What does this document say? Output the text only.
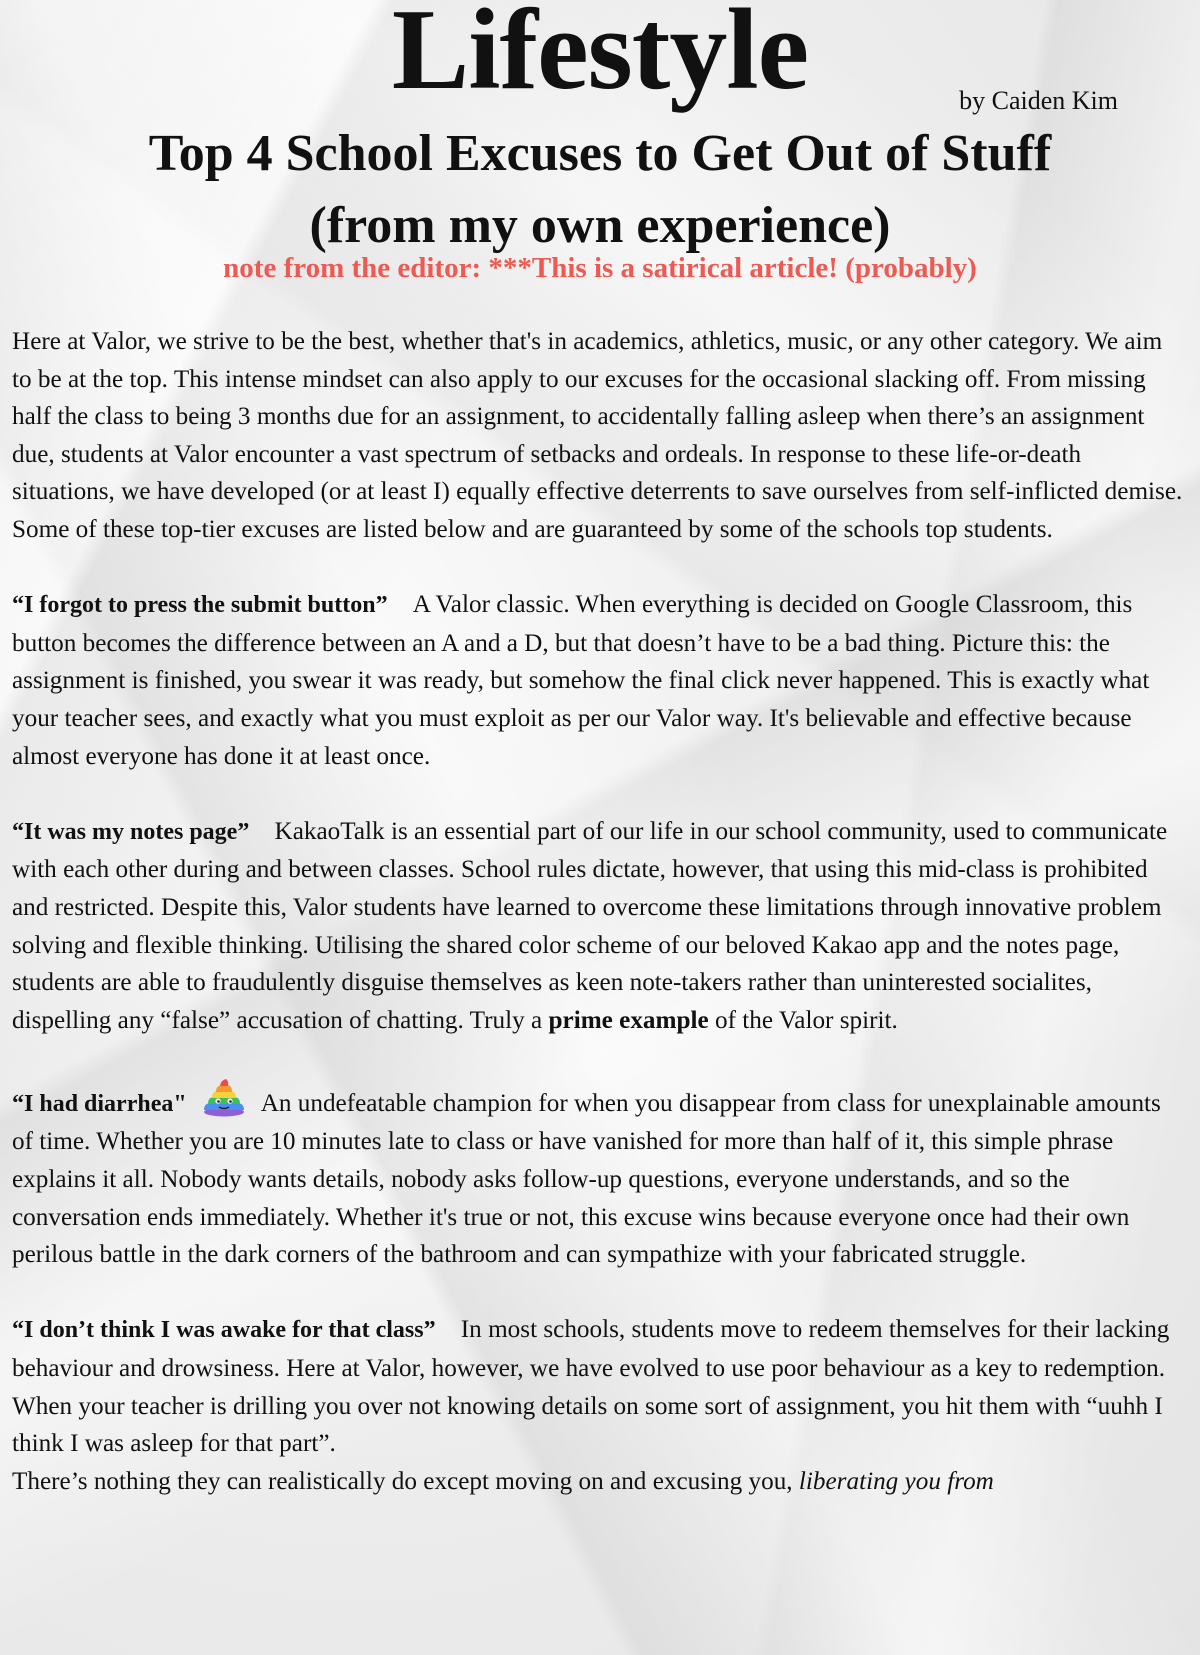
Lifestyle	by Caiden Kim
Top 4 School Excuses to Get Out of Stuff
(from my own experience)
note from the editor: ***This is a satirical article! (probably)

Here at Valor, we strive to be the best, whether that's in academics, athletics, music, or any other category. We aim to be at the top. This intense mindset can also apply to our excuses for the occasional slacking off. From missing half the class to being 3 months due for an assignment, to accidentally falling asleep when there’s an assignment due, students at Valor encounter a vast spectrum of setbacks and ordeals. In response to these life-or-death situations, we have developed (or at least I) equally effective deterrents to save ourselves from self-inflicted demise. Some of these top-tier excuses are listed below and are guaranteed by some of the schools top students.

“I forgot to press the submit button” A Valor classic. When everything is decided on Google Classroom, this button becomes the difference between an A and a D, but that doesn’t have to be a bad thing. Picture this: the assignment is finished, you swear it was ready, but somehow the final click never happened. This is exactly what your teacher sees, and exactly what you must exploit as per our Valor way. It's believable and effective because almost everyone has done it at least once.

“It was my notes page” KakaoTalk is an essential part of our life in our school community, used to communicate with each other during and between classes. School rules dictate, however, that using this mid-class is prohibited and restricted. Despite this, Valor students have learned to overcome these limitations through innovative problem solving and flexible thinking. Utilising the shared color scheme of our beloved Kakao app and the notes page, students are able to fraudulently disguise themselves as keen note-takers rather than uninterested socialites, dispelling any “false” accusation of chatting. Truly a prime example of the Valor spirit.

“I had diarrhea"	An undefeatable champion for when you disappear from class for unexplainable amounts of time. Whether you are 10 minutes late to class or have vanished for more than half of it, this simple phrase explains it all. Nobody wants details, nobody asks follow-up questions, everyone understands, and so the conversation ends immediately. Whether it's true or not, this excuse wins because everyone once had their own perilous battle in the dark corners of the bathroom and can sympathize with your fabricated struggle.

“I don’t think I was awake for that class” In most schools, students move to redeem themselves for their lacking behaviour and drowsiness. Here at Valor, however, we have evolved to use poor behaviour as a key to redemption. When your teacher is drilling you over not knowing details on some sort of assignment, you hit them with “uuhh I think I was asleep for that part”.
There’s nothing they can realistically do except moving on and excusing you, liberating you from
